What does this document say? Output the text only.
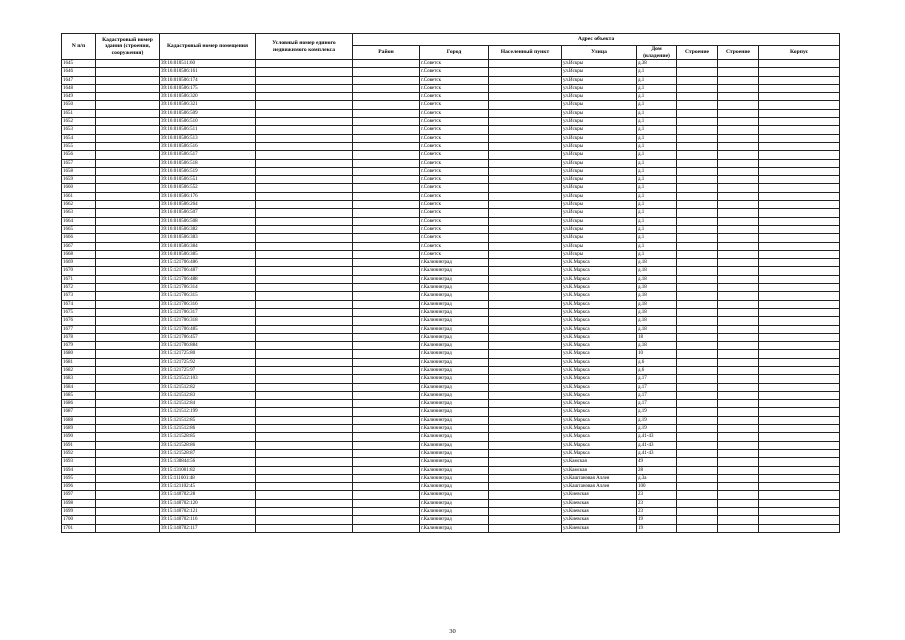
N п/п	Кадастровый номер здания (строения, сооружения)	Кадастровый номер помещения	Условный номер единого недвижимого комплекса	Адрес объекта							
				Район	Город	Населенный пункт	Улица	Дом (владение)	Строение	Строение	Корпус
1645		39:16:010511:60			г.Советск		ул.Искры	д.38			
1646		39:16:010506:161			г.Советск		ул.Искры	д.1			
1647		39:16:010506:174			г.Советск		ул.Искры	д.1			
1648		39:16:010506:175			г.Советск		ул.Искры	д.1			
1649		39:16:010506:320			г.Советск		ул.Искры	д.1			
1650		39:16:010506:321			г.Советск		ул.Искры	д.1			
1651		39:16:010506:509			г.Советск		ул.Искры	д.1			
1652		39:16:010506:510			г.Советск		ул.Искры	д.1			
1653		39:16:010506:511			г.Советск		ул.Искры	д.1			
1654		39:16:010506:513			г.Советск		ул.Искры	д.1			
1655		39:16:010506:516			г.Советск		ул.Искры	д.1			
1656		39:16:010506:517			г.Советск		ул.Искры	д.1			
1657		39:16:010506:518			г.Советск		ул.Искры	д.1			
1658		39:16:010506:519			г.Советск		ул.Искры	д.1			
1659		39:16:010506:551			г.Советск		ул.Искры	д.1			
1660		39:16:010506:552			г.Советск		ул.Искры	д.1			
1661		39:16:010506:176			г.Советск		ул.Искры	д.1			
1662		39:16:010506:264			г.Советск		ул.Искры	д.1			
1663		39:16:010506:507			г.Советск		ул.Искры	д.1			
1664		39:16:010506:508			г.Советск		ул.Искры	д.1			
1665		39:16:010506:382			г.Советск		ул.Искры	д.1			
1666		39:16:010506:383			г.Советск		ул.Искры	д.1			
1667		39:16:010506:384			г.Советск		ул.Искры	д.1			
1668		39:16:010506:385			г.Советск		ул.Искры	д.1			
1669		39:15:121706:486			г.Калининград		ул.К.Маркса	д.18			
1670		39:15:121706:487			г.Калининград		ул.К.Маркса	д.18			
1671		39:15:121706:488			г.Калининград		ул.К.Маркса	д.18			
1672		39:15:121706:314			г.Калининград		ул.К.Маркса	д.18			
1673		39:15:121706:315			г.Калининград		ул.К.Маркса	д.18			
1674		39:15:121706:316			г.Калининград		ул.К.Маркса	д.18			
1675		39:15:121706:317			г.Калининград		ул.К.Маркса	д.18			
1676		39:15:121706:318			г.Калининград		ул.К.Маркса	д.18			
1677		39:15:121706:485			г.Калининград		ул.К.Маркса	д.18			
1678		39:15:121706:457			г.Калининград		ул.К.Маркса	18			
1679		39:15:121706:884			г.Калининград		ул.К.Маркса	д.18			
1680		39:15:121725:80			г.Калининград		ул.К.Маркса	10			
1681		39:15:121725:92			г.Калининград		ул.К.Маркса	д.6			
1682		39:15:121725:97			г.Калининград		ул.К.Маркса	д.6			
1683		39:15:121512:103			г.Калининград		ул.К.Маркса	д.17			
1684		39:15:121512:82			г.Калининград		ул.К.Маркса	д.17			
1685		39:15:121512:83			г.Калининград		ул.К.Маркса	д.17			
1686		39:15:121512:84			г.Калининград		ул.К.Маркса	д.17			
1687		39:15:121512:199			г.Калининград		ул.К.Маркса	д.19			
1688		39:15:121512:85			г.Калининград		ул.К.Маркса	д.19			
1689		39:15:121512:86			г.Калининград		ул.К.Маркса	д.19			
1690		39:15:121528:85			г.Калининград		ул.К.Маркса	д.41-43			
1691		39:15:121528:86			г.Калининград		ул.К.Маркса	д.41-43			
1692		39:15:121528:87			г.Калининград		ул.К.Маркса	д.41-43			
1693		39:15:130844:56			г.Калининград		ул.Камская	49			
1694		39:15:131001:82			г.Калининград		ул.Камская	28			
1695		39:15:111601:48			г.Калининград		ул.Каштановая Аллея	д.3а			
1696		39:15:121102:45			г.Калининград		ул.Каштановая Аллея	100			
1697		39:15:140702:28			г.Калининград		ул.Киевская	23			
1698		39:15:140702:120			г.Калининград		ул.Киевская	23			
1699		39:15:140702:121			г.Калининград		ул.Киевская	23			
1700		39:15:140702:116			г.Калининград		ул.Киевская	19			
1701		39:15:140702:117			г.Калининград		ул.Киевская	19			
30
